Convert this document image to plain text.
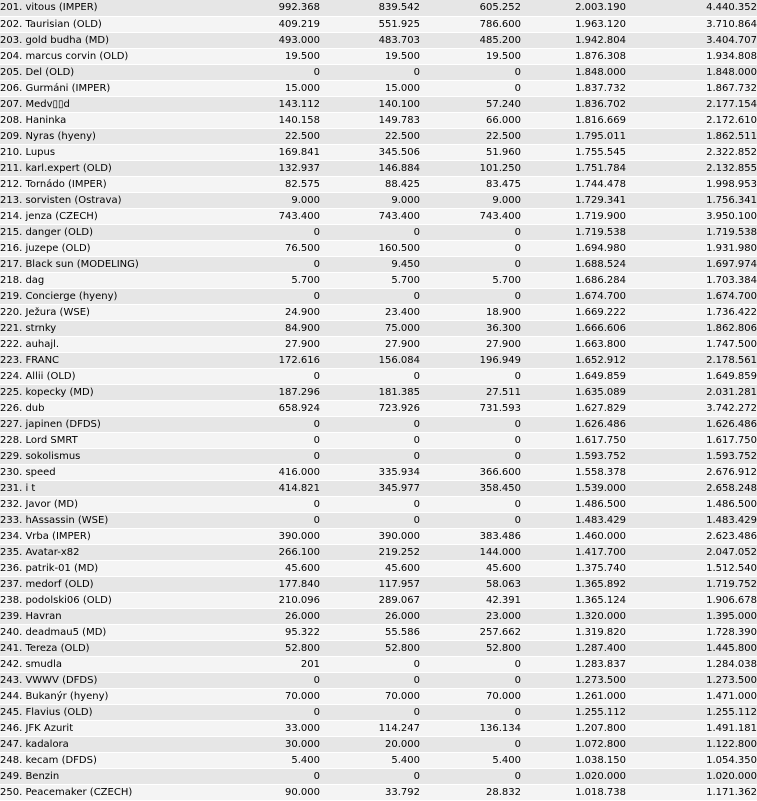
201. vitous (IMPER)	992.368	839.542	605.252	2.003.190	4.440.352
202. Taurisian (OLD)	409.219	551.925	786.600	1.963.120	3.710.864
203. gold budha (MD)	493.000	483.703	485.200	1.942.804	3.404.707
204. marcus corvin (OLD)	19.500	19.500	19.500	1.876.308	1.934.808
205. Del (OLD)	0	0	0	1.848.000	1.848.000
206. Gurmáni (IMPER)	15.000	15.000	0	1.837.732	1.867.732
207. Medv▯▯d	143.112	140.100	57.240	1.836.702	2.177.154
208. Haninka	140.158	149.783	66.000	1.816.669	2.172.610
209. Nyras (hyeny)	22.500	22.500	22.500	1.795.011	1.862.511
210. Lupus	169.841	345.506	51.960	1.755.545	2.322.852
211. karl.expert (OLD)	132.937	146.884	101.250	1.751.784	2.132.855
212. Tornádo (IMPER)	82.575	88.425	83.475	1.744.478	1.998.953
213. sorvisten (Ostrava)	9.000	9.000	9.000	1.729.341	1.756.341
214. jenza (CZECH)	743.400	743.400	743.400	1.719.900	3.950.100
215. danger (OLD)	0	0	0	1.719.538	1.719.538
216. juzepe (OLD)	76.500	160.500	0	1.694.980	1.931.980
217. Black sun (MODELING)	0	9.450	0	1.688.524	1.697.974
218. dag	5.700	5.700	5.700	1.686.284	1.703.384
219. Concierge (hyeny)	0	0	0	1.674.700	1.674.700
220. Ježura (WSE)	24.900	23.400	18.900	1.669.222	1.736.422
221. strnky	84.900	75.000	36.300	1.666.606	1.862.806
222. auhajl.	27.900	27.900	27.900	1.663.800	1.747.500
223. FRANC	172.616	156.084	196.949	1.652.912	2.178.561
224. Allii (OLD)	0	0	0	1.649.859	1.649.859
225. kopecky (MD)	187.296	181.385	27.511	1.635.089	2.031.281
226. dub	658.924	723.926	731.593	1.627.829	3.742.272
227. japinen (DFDS)	0	0	0	1.626.486	1.626.486
228. Lord SMRT	0	0	0	1.617.750	1.617.750
229. sokolismus	0	0	0	1.593.752	1.593.752
230. speed	416.000	335.934	366.600	1.558.378	2.676.912
231. i t	414.821	345.977	358.450	1.539.000	2.658.248
232. Javor (MD)	0	0	0	1.486.500	1.486.500
233. hAssassin (WSE)	0	0	0	1.483.429	1.483.429
234. Vrba (IMPER)	390.000	390.000	383.486	1.460.000	2.623.486
235. Avatar-x82	266.100	219.252	144.000	1.417.700	2.047.052
236. patrik-01 (MD)	45.600	45.600	45.600	1.375.740	1.512.540
237. medorf (OLD)	177.840	117.957	58.063	1.365.892	1.719.752
238. podolski06 (OLD)	210.096	289.067	42.391	1.365.124	1.906.678
239. Havran	26.000	26.000	23.000	1.320.000	1.395.000
240. deadmau5 (MD)	95.322	55.586	257.662	1.319.820	1.728.390
241. Tereza (OLD)	52.800	52.800	52.800	1.287.400	1.445.800
242. smudla	201	0	0	1.283.837	1.284.038
243. VWWV (DFDS)	0	0	0	1.273.500	1.273.500
244. Bukanýr (hyeny)	70.000	70.000	70.000	1.261.000	1.471.000
245. Flavius (OLD)	0	0	0	1.255.112	1.255.112
246. JFK Azurit	33.000	114.247	136.134	1.207.800	1.491.181
247. kadalora	30.000	20.000	0	1.072.800	1.122.800
248. kecam (DFDS)	5.400	5.400	5.400	1.038.150	1.054.350
249. Benzin	0	0	0	1.020.000	1.020.000
250. Peacemaker (CZECH)	90.000	33.792	28.832	1.018.738	1.171.362
